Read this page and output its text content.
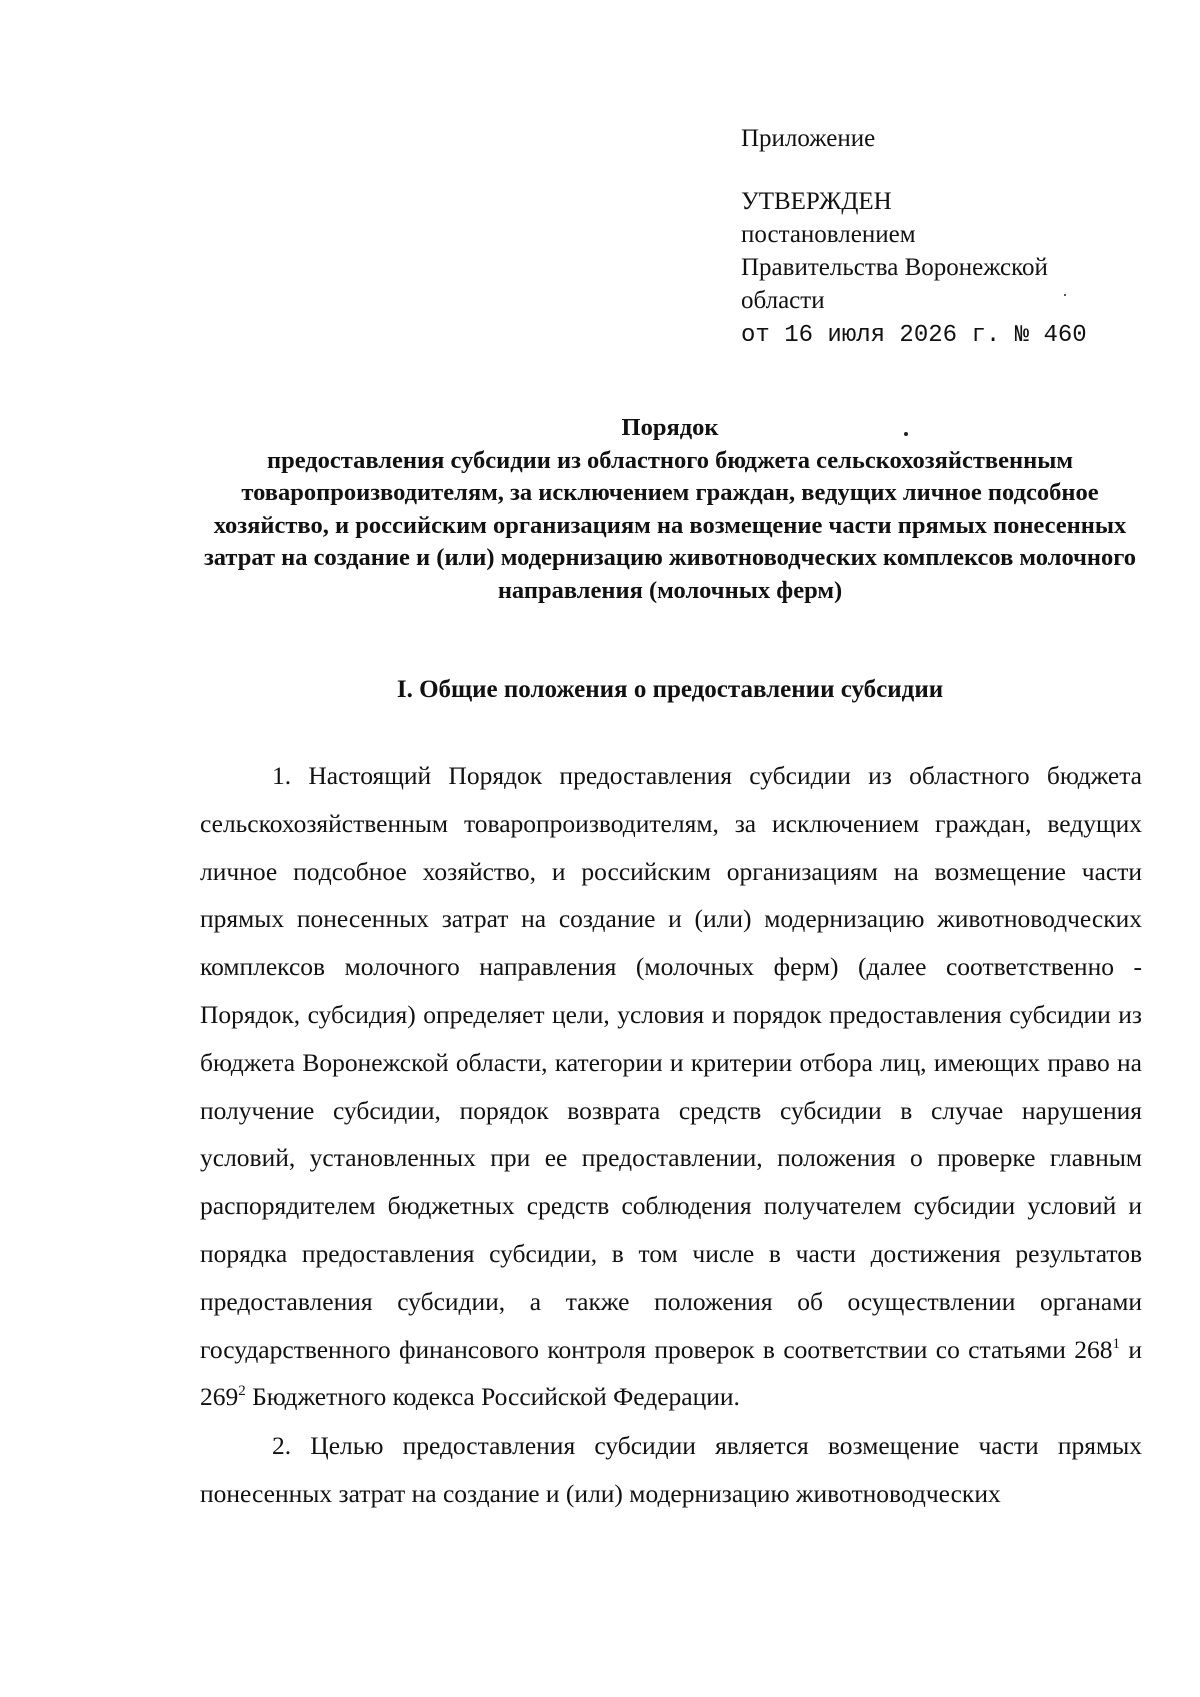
Приложение
УТВЕРЖДЕН
постановлением
Правительства Воронежской
области
от 16 июля 2026 г. № 460
Порядок
предоставления субсидии из областного бюджета сельскохозяйственным товаропроизводителям, за исключением граждан, ведущих личное подсобное хозяйство, и российским организациям на возмещение части прямых понесенных затрат на создание и (или) модернизацию животноводческих комплексов молочного направления (молочных ферм)
I. Общие положения о предоставлении субсидии

1. Настоящий Порядок предоставления субсидии из областного бюджета сельскохозяйственным товаропроизводителям, за исключением граждан, ведущих личное подсобное хозяйство, и российским организациям на возмещение части прямых понесенных затрат на создание и (или) модернизацию животноводческих комплексов молочного направления (молочных ферм) (далее соответственно - Порядок, субсидия) определяет цели, условия и порядок предоставления субсидии из бюджета Воронежской области, категории и критерии отбора лиц, имеющих право на получение субсидии, порядок возврата средств субсидии в случае нарушения условий, установленных при ее предоставлении, положения о проверке главным распорядителем бюджетных средств соблюдения получателем субсидии условий и порядка предоставления субсидии, в том числе в части достижения результатов предоставления субсидии, а также положения об осуществлении органами государственного финансового контроля проверок в соответствии со статьями $268^1$ и $269^2$ Бюджетного кодекса Российской Федерации.

2. Целью предоставления субсидии является возмещение части прямых понесенных затрат на создание и (или) модернизацию животноводческих
